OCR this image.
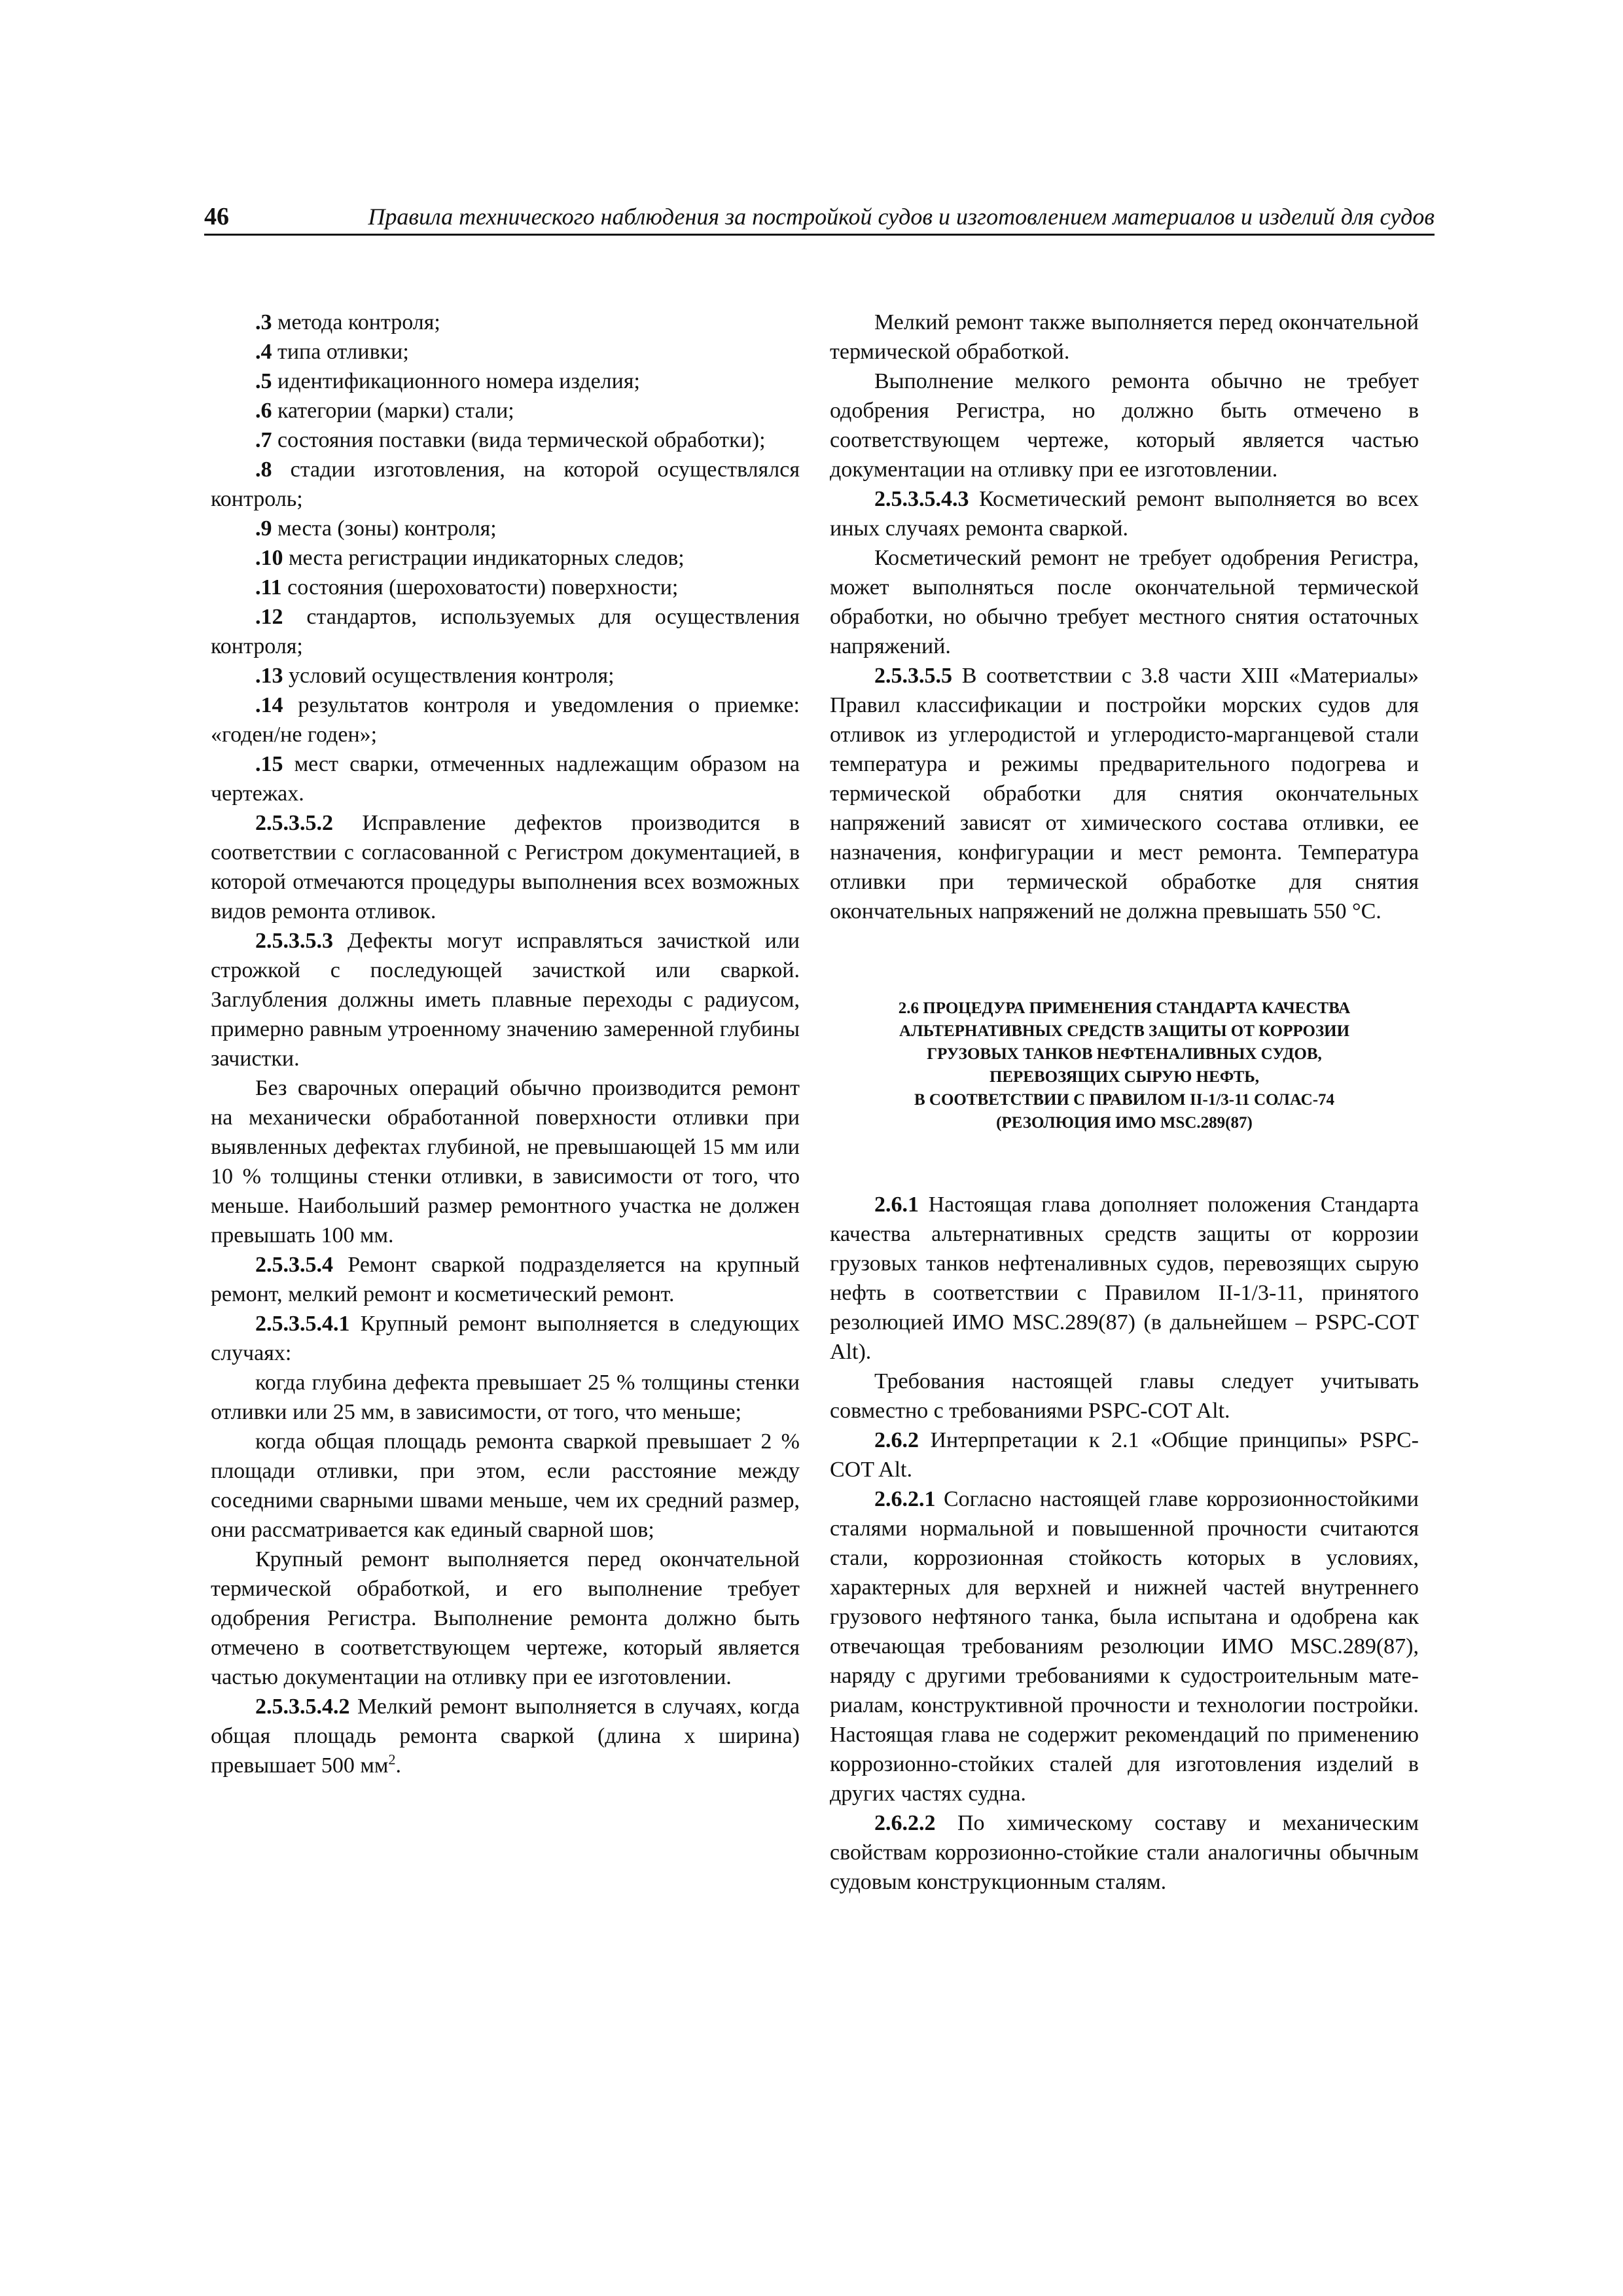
46	Правила технического наблюдения за постройкой судов и изготовлением материалов и изделий для судов

.3 метода контроля;

.4 типа отливки;

.5 идентификационного номера изделия;

.6 категории (марки) стали;

.7 состояния поставки (вида термической обработки);

.8 стадии изготовления, на которой осуществлялся контроль;

.9 места (зоны) контроля;

.10 места регистрации индикаторных следов;

.11 состояния (шероховатости) поверхности;

.12 стандартов, используемых для осуществления контроля;

.13 условий осуществления контроля;

.14 результатов контроля и уведомления о приемке: «годен/не годен»;

.15 мест сварки, отмеченных надлежащим образом на чертежах.

2.5.3.5.2 Исправление дефектов производится в соответствии с согласованной с Регистром документацией, в которой отмечаются процедуры выполнения всех возможных видов ремонта отливок.

2.5.3.5.3 Дефекты могут исправляться зачисткой или строжкой с последующей зачисткой или сваркой. Заглубления должны иметь плавные переходы с радиусом, примерно равным утроенному значению замеренной глубины зачистки.

Без сварочных операций обычно производится ремонт на механически обработанной поверхности отливки при выявленных дефектах глубиной, не превышающей 15 мм или 10 % толщины стенки отливки, в зависимости от того, что меньше. Наибольший размер ремонтного участка не должен превышать 100 мм.

2.5.3.5.4 Ремонт сваркой подразделяется на крупный ремонт, мелкий ремонт и косметический ремонт.

2.5.3.5.4.1 Крупный ремонт выполняется в следующих случаях:

когда глубина дефекта превышает 25 % толщины стенки отливки или 25 мм, в зависимости, от того, что меньше;

когда общая площадь ремонта сваркой превышает 2 % площади отливки, при этом, если расстояние между соседними сварными швами меньше, чем их средний размер, они рассматривается как единый сварной шов;

Крупный ремонт выполняется перед окончательной термической обработкой, и его выполнение требует одобрения Регистра. Выполнение ремонта должно быть отмечено в соответствующем чертеже, который является частью документации на отливку при ее изготовлении.

2.5.3.5.4.2 Мелкий ремонт выполняется в случаях, когда общая площадь ремонта сваркой (длина х ширина) превышает 500 $мм^2$.

Мелкий ремонт также выполняется перед окончательной термической обработкой.

Выполнение мелкого ремонта обычно не требует одобрения Регистра, но должно быть отмечено в соответствующем чертеже, который является частью документации на отливку при ее изготовлении.

2.5.3.5.4.3 Косметический ремонт выполняется во всех иных случаях ремонта сваркой.

Косметический ремонт не требует одобрения Регистра, может выполняться после окончательной термической обработки, но обычно требует местного снятия остаточных напряжений.

2.5.3.5.5 В соответствии с 3.8 части XIII «Материалы» Правил классификации и постройки морских судов для отливок из углеродистой и углеродисто-марганцевой стали температура и режимы предварительного подогрева и термической обработки для снятия окончательных напряжений зависят от химического состава отливки, ее назначения, конфигурации и мест ремонта. Температура отливки при термической обработке для снятия окончательных напряжений не должна превышать 550 °С.

2.6 ПРОЦЕДУРА ПРИМЕНЕНИЯ СТАНДАРТА КАЧЕСТВА
АЛЬТЕРНАТИВНЫХ СРЕДСТВ ЗАЩИТЫ ОТ КОРРОЗИИ
ГРУЗОВЫХ ТАНКОВ НЕФТЕНАЛИВНЫХ СУДОВ,
ПЕРЕВОЗЯЩИХ СЫРУЮ НЕФТЬ,
В СООТВЕТСТВИИ С ПРАВИЛОМ II-1/3-11 СОЛАС-74
(РЕЗОЛЮЦИЯ ИМО MSC.289(87)

2.6.1 Настоящая глава дополняет положения Стандарта качества альтернативных средств защиты от коррозии грузовых танков нефтеналивных судов, перевозящих сырую нефть в соответствии с Правилом II-1/3-11, принятого резолюцией ИМО MSC.289(87) (в дальнейшем – PSPC-COT Alt).

Требования настоящей главы следует учитывать совместно с требованиями PSPC-COT Alt.

2.6.2 Интерпретации к 2.1 «Общие принципы» PSPC-COT Alt.

2.6.2.1 Согласно настоящей главе коррозионностойкими сталями нормальной и повышенной прочности считаются стали, коррозионная стойкость которых в условиях, характерных для верхней и нижней частей внутреннего грузового нефтяного танка, была испытана и одобрена как отвечающая требованиям резолюции ИМО MSC.289(87), наряду с другими требованиями к судостроительным материалам, конструктивной прочности и технологии постройки. Настоящая глава не содержит рекомендаций по применению коррозионно-стойких сталей для изготовления изделий в других частях судна.

2.6.2.2 По химическому составу и механическим свойствам коррозионно-стойкие стали аналогичны обычным судовым конструкционным сталям.
